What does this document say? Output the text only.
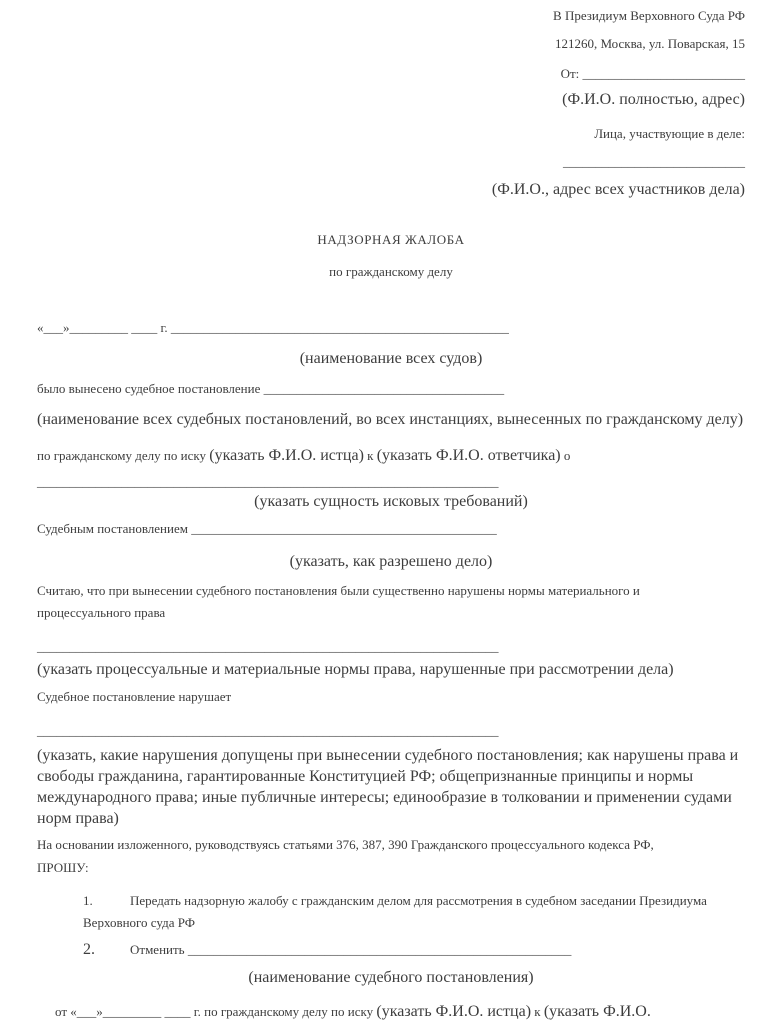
В Президиум Верховного Суда РФ
121260, Москва, ул. Поварская, 15
От: _________________________
(Ф.И.О. полностью, адрес)
Лица, участвующие в деле:
____________________________
(Ф.И.О., адрес всех участников дела)
НАДЗОРНАЯ ЖАЛОБА
по гражданскому делу
«___»_________ ____ г. ____________________________________________________
(наименование всех судов)
было вынесено судебное постановление _____________________________________
(наименование всех судебных постановлений, во всех инстанциях, вынесенных по гражданскому делу)
по гражданскому делу по иску (указать Ф.И.О. истца) к (указать Ф.И.О. ответчика) о
_______________________________________________________________________
(указать сущность исковых требований)
Судебным постановлением _______________________________________________
(указать, как разрешено дело)
Считаю, что при вынесении судебного постановления были существенно нарушены нормы материального и
процессуального права
_______________________________________________________________________
(указать процессуальные и материальные нормы права, нарушенные при рассмотрении дела)
Судебное постановление нарушает
_______________________________________________________________________
(указать, какие нарушения допущены при вынесении судебного постановления; как нарушены права и
свободы гражданина, гарантированные Конституцией РФ; общепризнанные принципы и нормы
международного права; иные публичные интересы; единообразие в толковании и применении судами
норм права)
На основании изложенного, руководствуясь статьями 376, 387, 390 Гражданского процессуального кодекса РФ,
ПРОШУ:
1.	Передать надзорную жалобу с гражданским делом для рассмотрения в судебном заседании Президиума
Верховного суда РФ
2.	Отменить ___________________________________________________________
(наименование судебного постановления)
от «___»_________ ____ г. по гражданскому делу по иску (указать Ф.И.О. истца) к (указать Ф.И.О.
